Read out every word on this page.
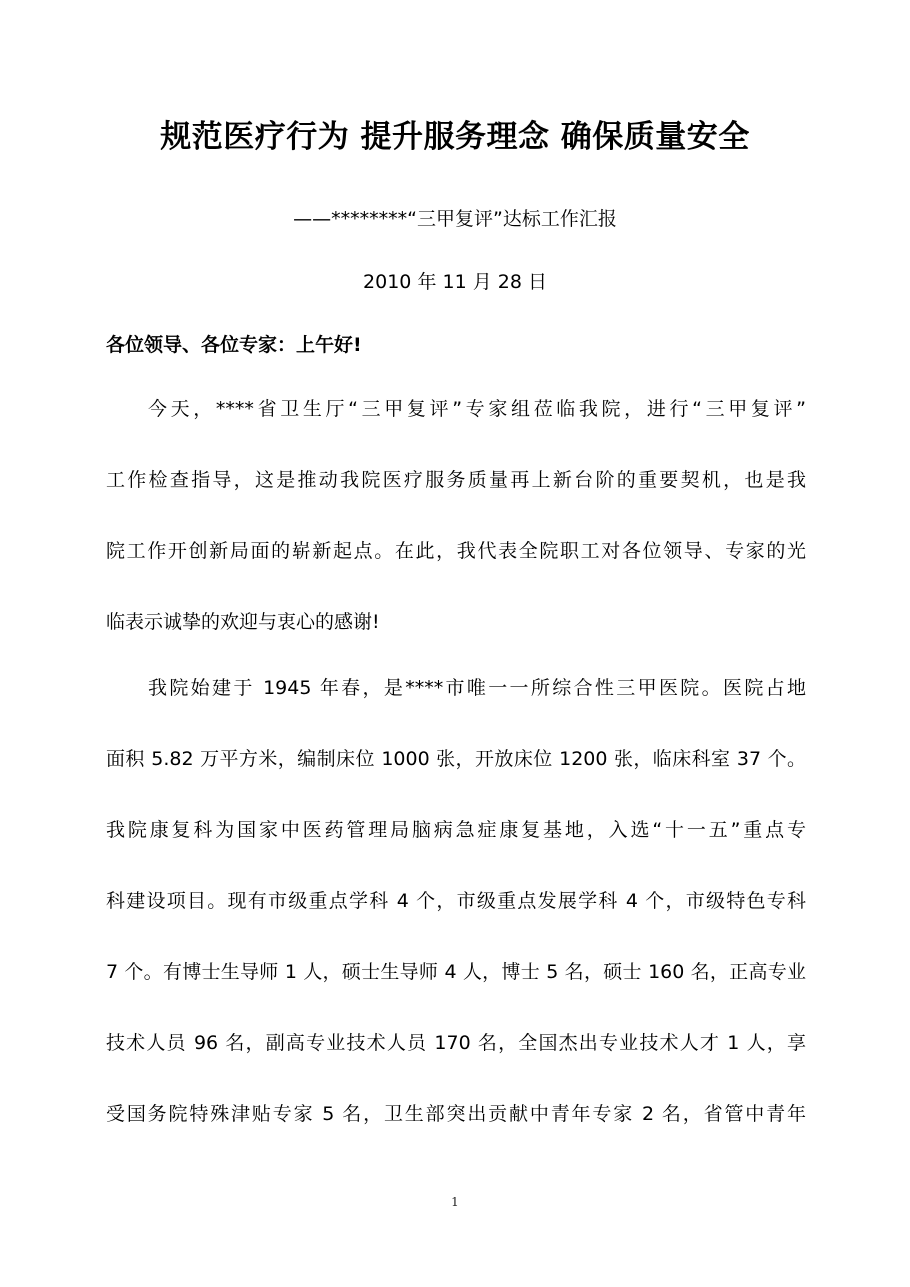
规范医疗行为 提升服务理念 确保质量安全
——********“三甲复评”达标工作汇报
2010 年 11 月 28 日
各位领导、各位专家：上午好!
今天，****省卫生厅“三甲复评”专家组莅临我院，进行“三甲复评”
工作检查指导，这是推动我院医疗服务质量再上新台阶的重要契机，也是我
院工作开创新局面的崭新起点。在此，我代表全院职工对各位领导、专家的光
临表示诚挚的欢迎与衷心的感谢!
我院始建于 1945 年春，是****市唯一一所综合性三甲医院。医院占地
面积 5.82 万平方米，编制床位 1000 张，开放床位 1200 张，临床科室 37 个。
我院康复科为国家中医药管理局脑病急症康复基地，入选“十一五”重点专
科建设项目。现有市级重点学科 4 个，市级重点发展学科 4 个，市级特色专科
7 个。有博士生导师 1 人，硕士生导师 4 人，博士 5 名，硕士 160 名，正高专业
技术人员 96 名，副高专业技术人员 170 名，全国杰出专业技术人才 1 人，享
受国务院特殊津贴专家 5 名，卫生部突出贡献中青年专家 2 名，省管中青年
1
